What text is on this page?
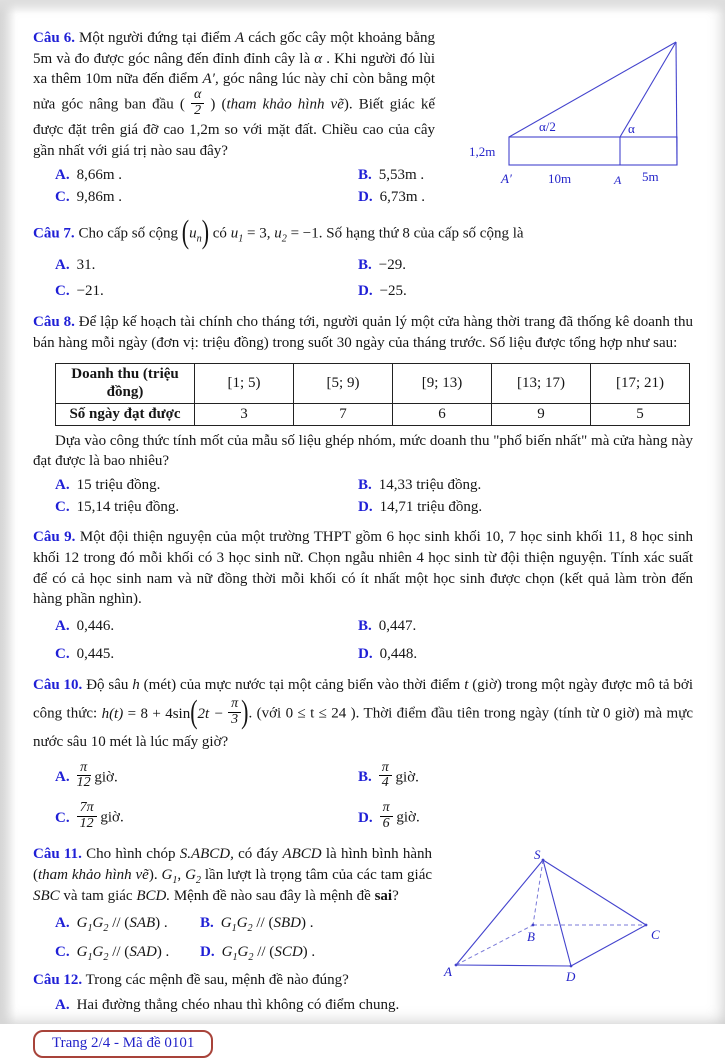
1,2m
A′	10m	A 5m
α/2	α

Câu 6. Một người đứng tại điểm A cách gốc cây một khoảng bằng 5m và đo được góc nâng đến đỉnh đỉnh cây là α . Khi người đó lùi xa thêm 10m nữa đến điểm A′, góc nâng lúc này chỉ còn bằng một nửa góc nâng ban đầu ( $\frac{\alpha}{2}$ ) (tham khảo hình vẽ). Biết giác kế được đặt trên giá đỡ cao 1,2m so với mặt đất. Chiều cao của cây gần nhất với giá trị nào sau đây?

A. 8,66m .	B. 5,53m .
C. 9,86m .	D. 6,73m .

Câu 7. Cho cấp số cộng $(u_n)$ có $u_1 = 3$, $u_2 = -1$. Số hạng thứ 8 của cấp số cộng là

A. 31.	B. −29.
C. −21.	D. −25.

Câu 8. Để lập kế hoạch tài chính cho tháng tới, người quản lý một cửa hàng thời trang đã thống kê doanh thu bán hàng mỗi ngày (đơn vị: triệu đồng) trong suốt 30 ngày của tháng trước. Số liệu được tổng hợp như sau:

Doanh thu (triệu đồng)	[1; 5)	[5; 9)	[9; 13)	[13; 17)	[17; 21)
Số ngày đạt được	3	7	6	9	5

Dựa vào công thức tính mốt của mẫu số liệu ghép nhóm, mức doanh thu "phổ biến nhất" mà cửa hàng này đạt được là bao nhiêu?

A. 15 triệu đồng.	B. 14,33 triệu đồng.
C. 15,14 triệu đồng.	D. 14,71 triệu đồng.

Câu 9. Một đội thiện nguyện của một trường THPT gồm 6 học sinh khối 10, 7 học sinh khối 11, 8 học sinh khối 12 trong đó mỗi khối có 3 học sinh nữ. Chọn ngẫu nhiên 4 học sinh từ đội thiện nguyện. Tính xác suất để có cả học sinh nam và nữ đồng thời mỗi khối có ít nhất một học sinh được chọn (kết quả làm tròn đến hàng phần nghìn).

A. 0,446.	B. 0,447.
C. 0,445.	D. 0,448.

Câu 10. Độ sâu h (mét) của mực nước tại một cảng biển vào thời điểm t (giờ) trong một ngày được mô tả bởi công thức: $h(t) = 8 + 4\sin(2t - \frac{\pi}{3}$ ). (với 0 ≤ t ≤ 24 ). Thời điểm đầu tiên trong ngày (tính từ 0 giờ) mà mực nước sâu 10 mét là lúc mấy giờ?

A. $\frac{\pi}{12}$ giờ.	B. $\frac{\pi}{4}$ giờ.
C. $\frac{7\pi}{12}$ giờ.	D. $\frac{\pi}{6}$ giờ.
S
A
B	C
D

Câu 11. Cho hình chóp S.ABCD, có đáy ABCD là hình bình hành (tham khảo hình vẽ). $G_1$, $G_2$ lần lượt là trọng tâm của các tam giác SBC và tam giác BCD. Mệnh đề nào sau đây là mệnh đề sai?

A. $G_1G_2 // (SAB)$ .	B. $G_1G_2 // (SBD)$ .
C. $G_1G_2 // (SAD)$ .	D. $G_1G_2 // (SCD)$ .

Câu 12. Trong các mệnh đề sau, mệnh đề nào đúng?

A. Hai đường thẳng chéo nhau thì không có điểm chung.

Trang 2/4 - Mã đề 0101
